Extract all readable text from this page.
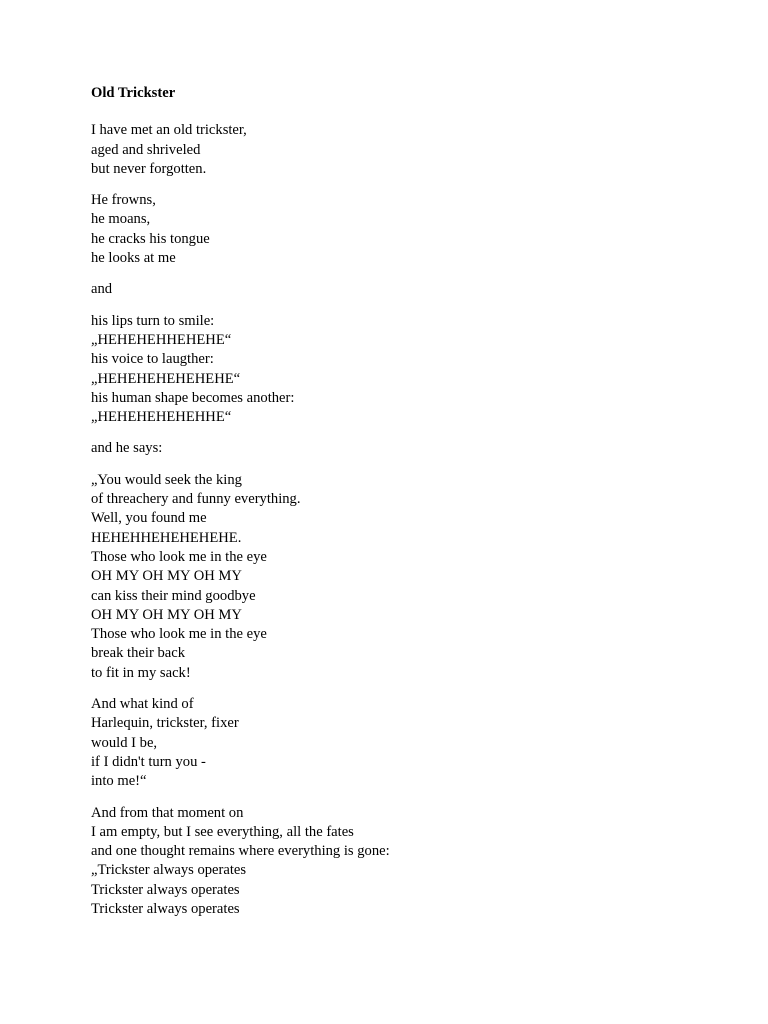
Old Trickster
I have met an old trickster,
aged and shriveled
but never forgotten.
He frowns,
he moans,
he cracks his tongue
he looks at me
and
his lips turn to smile:
„HEHEHEHHEHEHE“
his voice to laugther:
„HEHEHEHEHEHEHE“
his human shape becomes another:
„HEHEHEHEHEHHE“
and he says:
„You would seek the king
of threachery and funny everything.
Well, you found me
HEHEHHEHEHEHEHE.
Those who look me in the eye
OH MY OH MY OH MY
can kiss their mind goodbye
OH MY OH MY OH MY
Those who look me in the eye
break their back
to fit in my sack!
And what kind of
Harlequin, trickster, fixer
would I be,
if I didn't turn you -
into me!“
And from that moment on
I am empty, but I see everything, all the fates
and one thought remains where everything is gone:
„Trickster always operates
Trickster always operates
Trickster always operates
